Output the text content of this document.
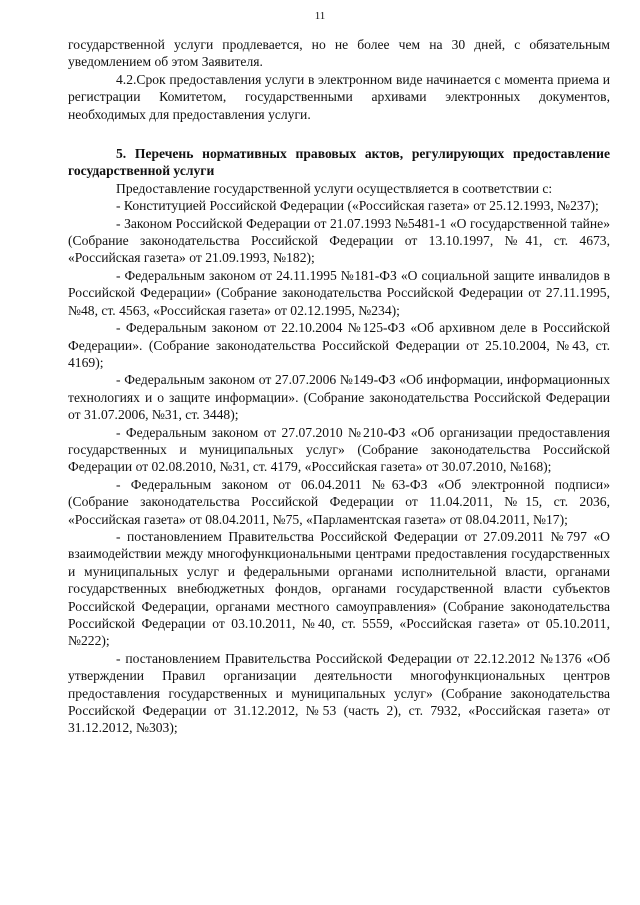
11

государственной услуги продлевается, но не более чем на 30 дней, с обязательным уведомлением об этом Заявителя.

4.2.Срок предоставления услуги в электронном виде начинается с момента приема и регистрации Комитетом, государственными архивами электронных документов, необходимых для предоставления услуги.

5. Перечень нормативных правовых актов, регулирующих предоставление государственной услуги

Предоставление государственной услуги осуществляется в соответствии с:

- Конституцией Российской Федерации («Российская газета» от 25.12.1993, №237);

- Законом Российской Федерации от 21.07.1993 №5481-1 «О государственной тайне» (Собрание законодательства Российской Федерации от 13.10.1997, №41, ст. 4673, «Российская газета» от 21.09.1993, №182);

- Федеральным законом от 24.11.1995 №181-ФЗ «О социальной защите инвалидов в Российской Федерации» (Собрание законодательства Российской Федерации от 27.11.1995, №48, ст. 4563, «Российская газета» от 02.12.1995, №234);

- Федеральным законом от 22.10.2004 №125-ФЗ «Об архивном деле в Российской Федерации». (Собрание законодательства Российской Федерации от 25.10.2004, №43, ст. 4169);

- Федеральным законом от 27.07.2006 №149-ФЗ «Об информации, информационных технологиях и о защите информации». (Собрание законодательства Российской Федерации от 31.07.2006, №31, ст. 3448);

- Федеральным законом от 27.07.2010 №210-ФЗ «Об организации предоставления государственных и муниципальных услуг» (Собрание законодательства Российской Федерации от 02.08.2010, №31, ст. 4179, «Российская газета» от 30.07.2010, №168);

- Федеральным законом от 06.04.2011 №63-ФЗ «Об электронной подписи» (Собрание законодательства Российской Федерации от 11.04.2011, №15, ст. 2036, «Российская газета» от 08.04.2011, №75, «Парламентская газета» от 08.04.2011, №17);

- постановлением Правительства Российской Федерации от 27.09.2011 №797 «О взаимодействии между многофункциональными центрами предоставления государственных и муниципальных услуг и федеральными органами исполнительной власти, органами государственных внебюджетных фондов, органами государственной власти субъектов Российской Федерации, органами местного самоуправления» (Собрание законодательства Российской Федерации от 03.10.2011, №40, ст. 5559, «Российская газета» от 05.10.2011, №222);

- постановлением Правительства Российской Федерации от 22.12.2012 №1376 «Об утверждении Правил организации деятельности многофункциональных центров предоставления государственных и муниципальных услуг» (Собрание законодательства Российской Федерации от 31.12.2012, №53 (часть 2), ст. 7932, «Российская газета» от 31.12.2012, №303);
